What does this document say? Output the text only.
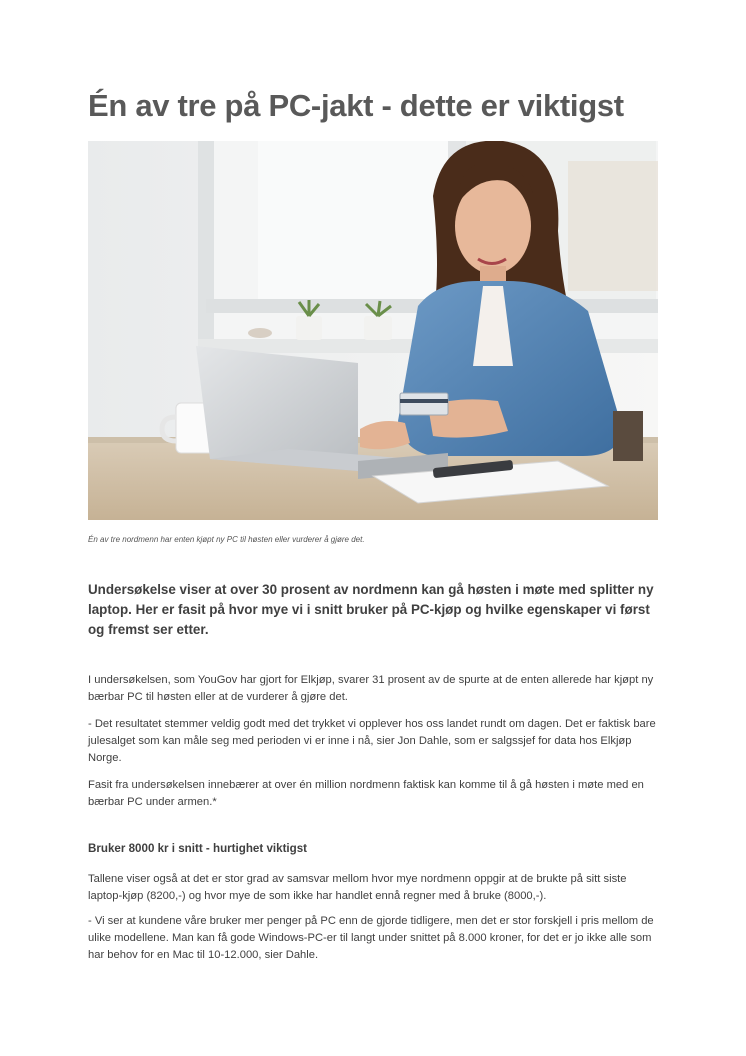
Én av tre på PC-jakt - dette er viktigst
Én av tre nordmenn har enten kjøpt ny PC til høsten eller vurderer å gjøre det.

Undersøkelse viser at over 30 prosent av nordmenn kan gå høsten i møte med splitter ny laptop. Her er fasit på hvor mye vi i snitt bruker på PC-kjøp og hvilke egenskaper vi først og fremst ser etter.

I undersøkelsen, som YouGov har gjort for Elkjøp, svarer 31 prosent av de spurte at de enten allerede har kjøpt ny bærbar PC til høsten eller at de vurderer å gjøre det.

- Det resultatet stemmer veldig godt med det trykket vi opplever hos oss landet rundt om dagen. Det er faktisk bare julesalget som kan måle seg med perioden vi er inne i nå, sier Jon Dahle, som er salgssjef for data hos Elkjøp Norge.

Fasit fra undersøkelsen innebærer at over én million nordmenn faktisk kan komme til å gå høsten i møte med en bærbar PC under armen.*

Bruker 8000 kr i snitt - hurtighet viktigst

Tallene viser også at det er stor grad av samsvar mellom hvor mye nordmenn oppgir at de brukte på sitt siste laptop-kjøp (8200,-) og hvor mye de som ikke har handlet ennå regner med å bruke (8000,-).

- Vi ser at kundene våre bruker mer penger på PC enn de gjorde tidligere, men det er stor forskjell i pris mellom de ulike modellene. Man kan få gode Windows-PC-er til langt under snittet på 8.000 kroner, for det er jo ikke alle som har behov for en Mac til 10-12.000, sier Dahle.
